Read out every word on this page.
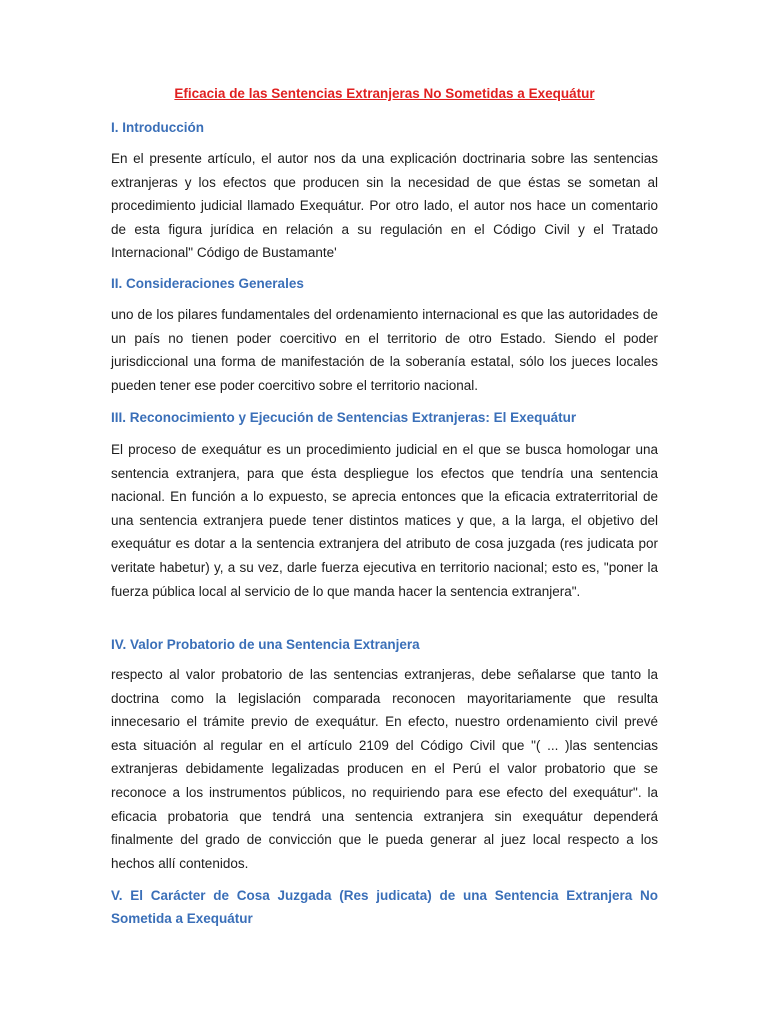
Eficacia de las Sentencias Extranjeras No Sometidas a Exequátur
I. Introducción

En el presente artículo, el autor nos da una explicación doctrinaria sobre las sentencias extranjeras y los efectos que producen sin la necesidad de que éstas se sometan al procedimiento judicial llamado Exequátur. Por otro lado, el autor nos hace un comentario de esta figura jurídica en relación a su regulación en el Código Civil y el Tratado Internacional" Código de Bustamante'

II. Consideraciones Generales

uno de los pilares fundamentales del ordenamiento internacional es que las autoridades de un país no tienen poder coercitivo en el territorio de otro Estado. Siendo el poder jurisdiccional una forma de manifestación de la soberanía estatal, sólo los jueces locales pueden tener ese poder coercitivo sobre el territorio nacional.

III. Reconocimiento y Ejecución de Sentencias Extranjeras: El Exequátur

El proceso de exequátur es un procedimiento judicial en el que se busca homologar una sentencia extranjera, para que ésta despliegue los efectos que tendría una sentencia nacional. En función a lo expuesto, se aprecia entonces que la eficacia extraterritorial de una sentencia extranjera puede tener distintos matices y que, a la larga, el objetivo del exequátur es dotar a la sentencia extranjera del atributo de cosa juzgada (res judicata por veritate habetur) y, a su vez, darle fuerza ejecutiva en territorio nacional; esto es, "poner la fuerza pública local al servicio de lo que manda hacer la sentencia extranjera".

IV. Valor Probatorio de una Sentencia Extranjera

respecto al valor probatorio de las sentencias extranjeras, debe señalarse que tanto la doctrina como la legislación comparada reconocen mayoritariamente que resulta innecesario el trámite previo de exequátur. En efecto, nuestro ordenamiento civil prevé esta situación al regular en el artículo 2109 del Código Civil que "( ... )las sentencias extranjeras debidamente legalizadas producen en el Perú el valor probatorio que se reconoce a los instrumentos públicos, no requiriendo para ese efecto del exequátur". la eficacia probatoria que tendrá una sentencia extranjera sin exequátur dependerá finalmente del grado de convicción que le pueda generar al juez local respecto a los hechos allí contenidos.

V. El Carácter de Cosa Juzgada (Res judicata) de una Sentencia Extranjera No Sometida a Exequátur
